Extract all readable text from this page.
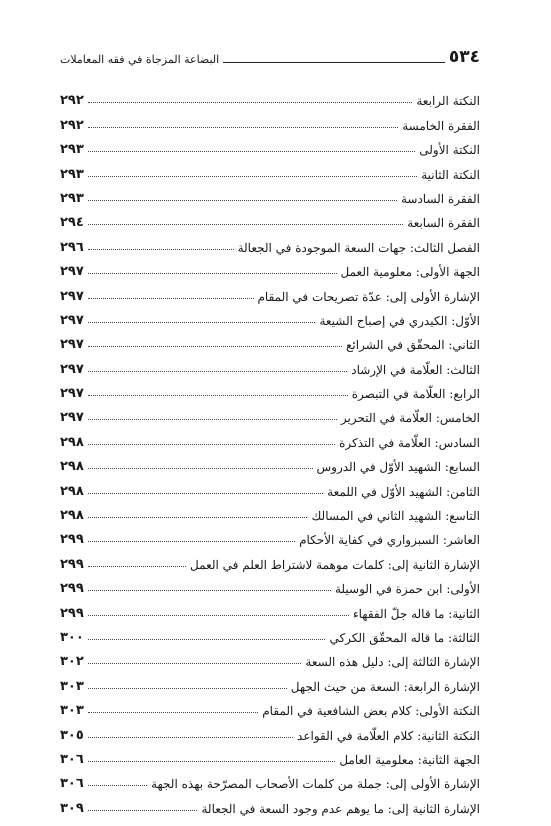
٥٣٤
البضاعة المزجاة في فقه المعاملات
النكتة الرابعة
٢٩٢
الفقرة الخامسة
٢٩٢
النكتة الأولى
٢٩٣
النكتة الثانية
٢٩٣
الفقرة السادسة
٢٩٣
الفقرة السابعة
٢٩٤
الفصل الثالث: جهات السعة الموجودة في الجعالة
٢٩٦
الجهة الأولى: معلومية العمل
٢٩٧
الإشارة الأولى إلى: عدّة تصريحات في المقام
٢٩٧
الأوّل: الكيدري في إصباح الشيعة
٢٩٧
الثاني: المحقّق في الشرائع
٢٩٧
الثالث: العلّامة في الإرشاد
٢٩٧
الرابع: العلّامة في التبصرة
٢٩٧
الخامس: العلّامة في التحرير
٢٩٧
السادس: العلّامة في التذكرة
٢٩٨
السابع: الشهيد الأوّل في الدروس
٢٩٨
الثامن: الشهيد الأوّل في اللمعة
٢٩٨
التاسع: الشهيد الثاني في المسالك
٢٩٨
العاشر: السبزواري في كفاية الأحكام
٢٩٩
الإشارة الثانية إلى: كلمات موهمة لاشتراط العلم في العمل
٢٩٩
الأولى: ابن حمزة في الوسيلة
٢٩٩
الثانية: ما قاله جلّ الفقهاء
٢٩٩
الثالثة: ما قاله المحقّق الكركي
٣٠٠
الإشارة الثالثة إلى: دليل هذه السعة
٣٠٢
الإشارة الرابعة: السعة من حيث الجهل
٣٠٣
النكتة الأولى: كلام بعض الشافعية في المقام
٣٠٣
النكتة الثانية: كلام العلّامة في القواعد
٣٠٥
الجهة الثانية: معلومية العامل
٣٠٦
الإشارة الأولى إلى: جملة من كلمات الأصحاب المصرّحة بهذه الجهة
٣٠٦
الإشارة الثانية إلى: ما يوهم عدم وجود السعة في الجعالة
٣٠٩
